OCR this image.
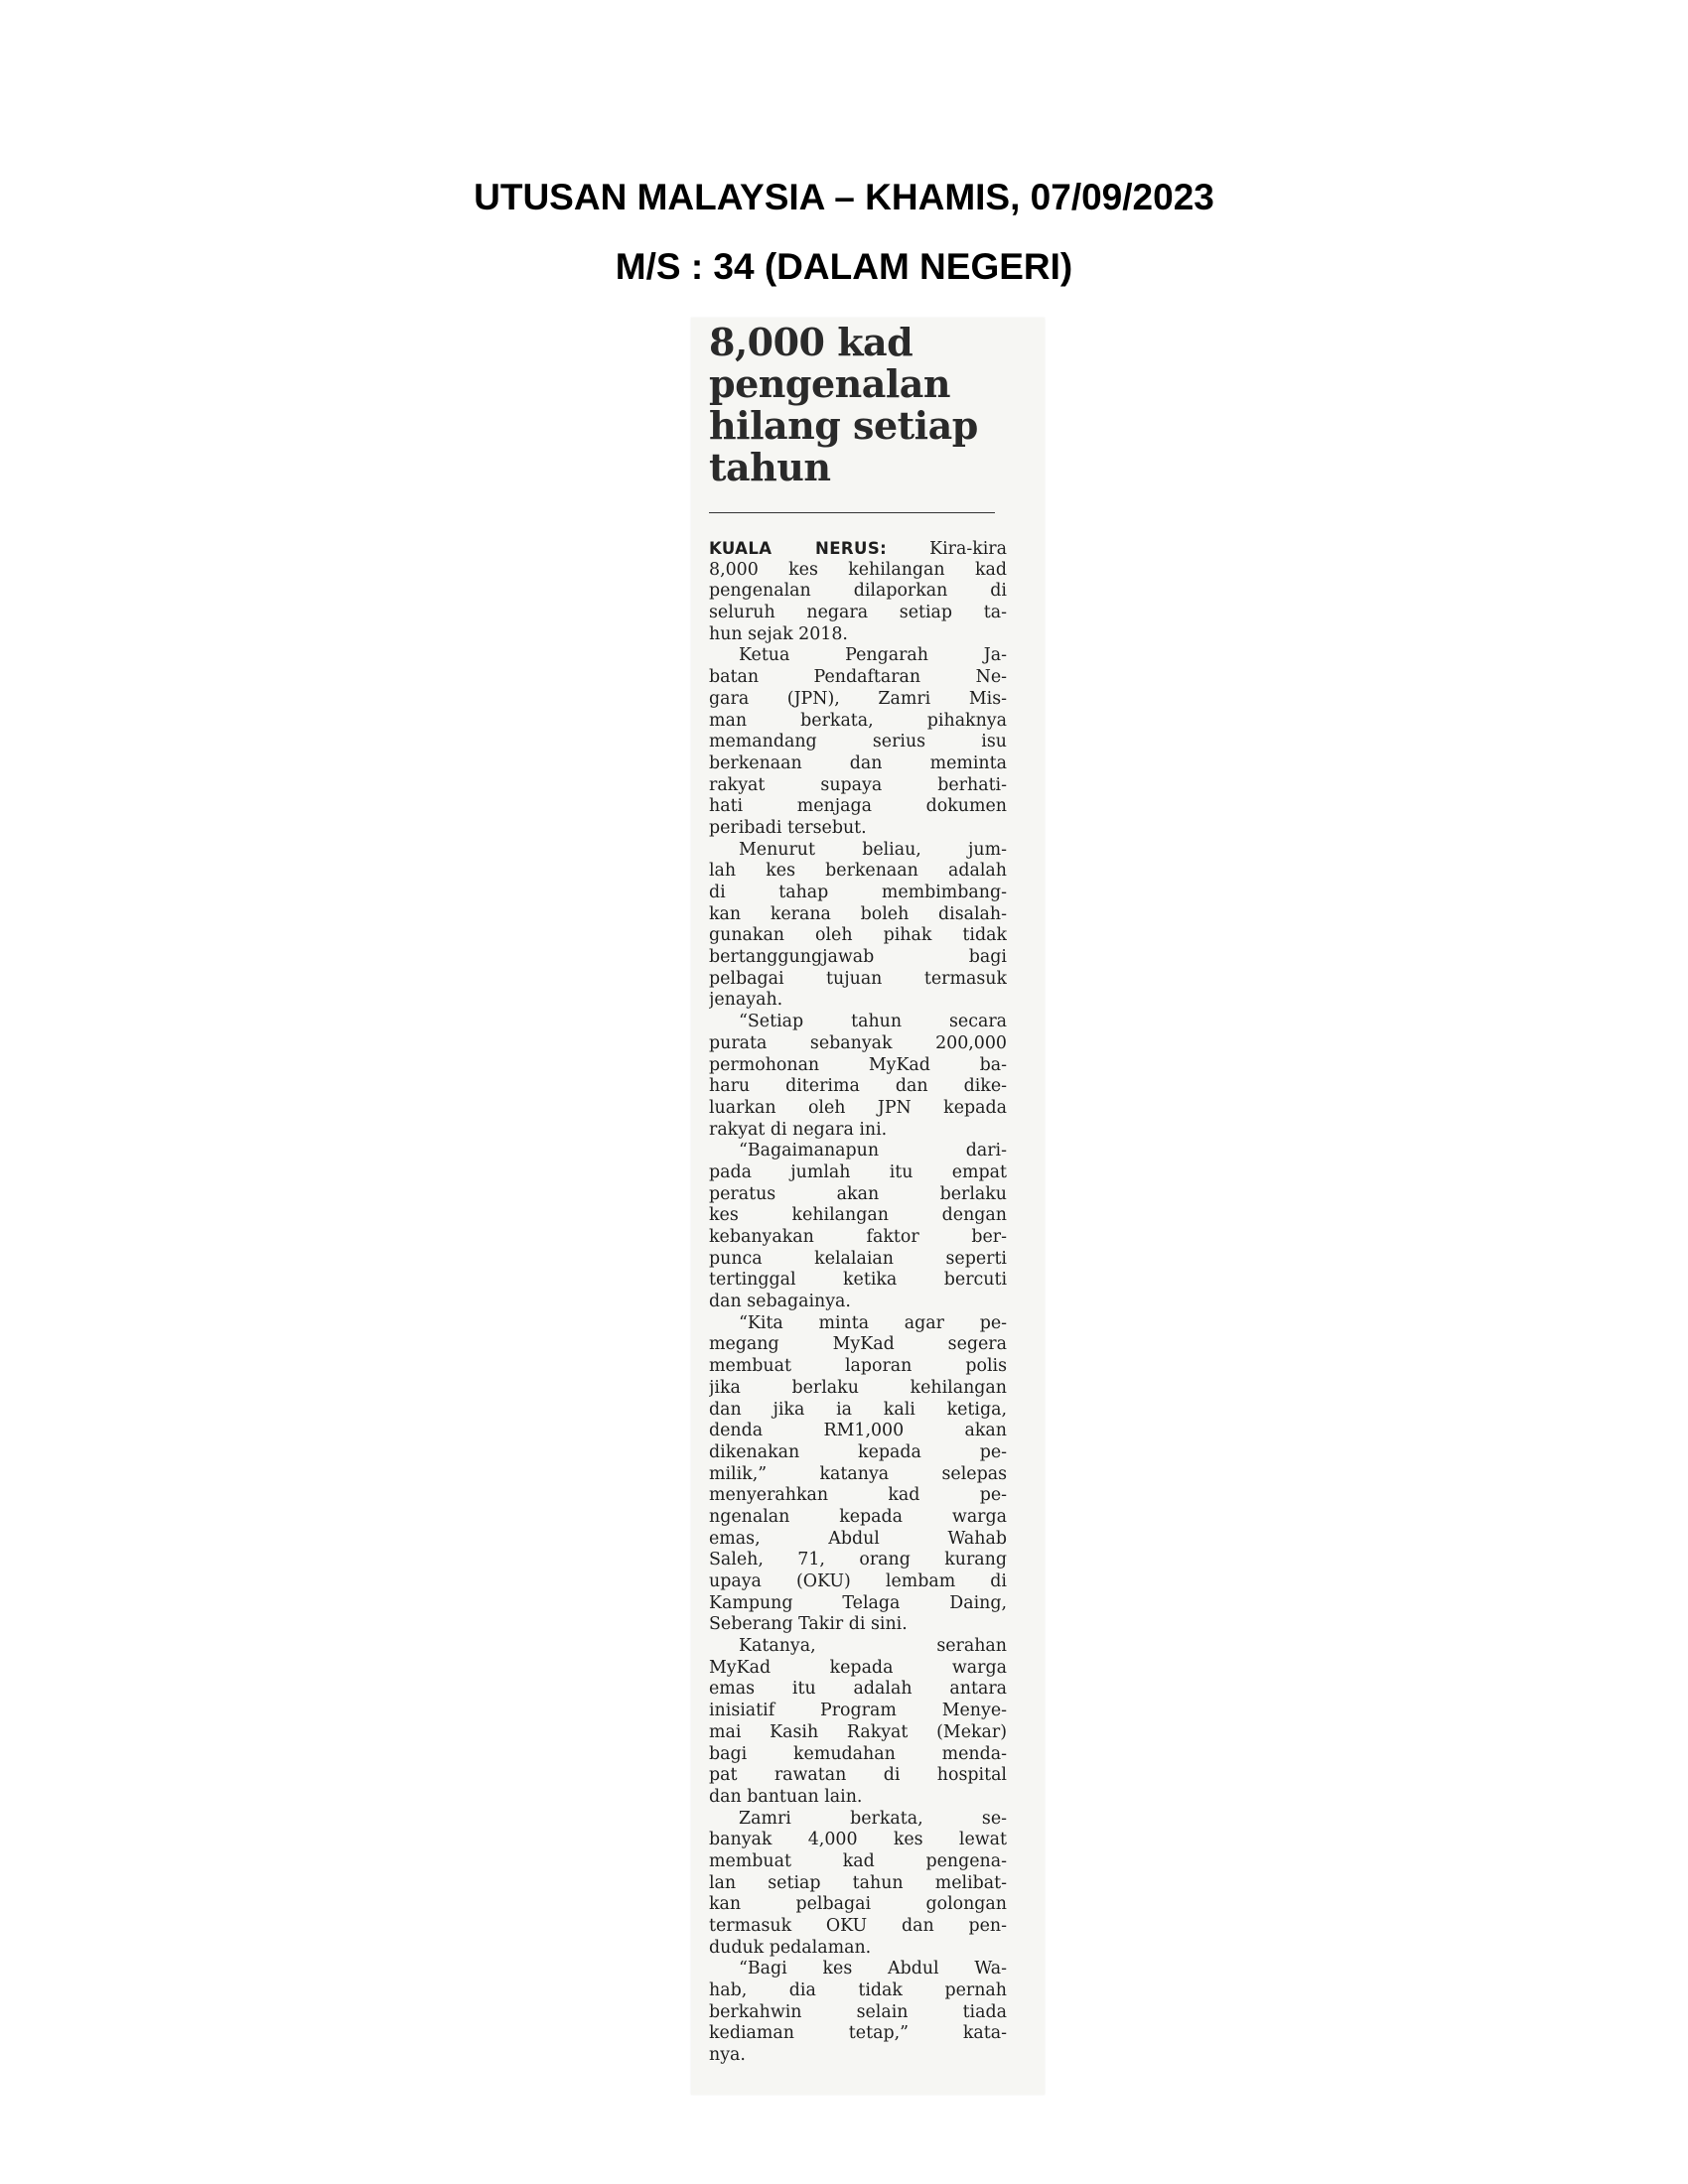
UTUSAN MALAYSIA – KHAMIS, 07/09/2023
M/S : 34 (DALAM NEGERI)
8,000 kad
pengenalan
hilang setiap
tahun
KUALA NERUS: Kira-kira
8,000 kes kehilangan kad
pengenalan dilaporkan di
seluruh negara setiap ta-
hun sejak 2018.
Ketua Pengarah Ja-
batan Pendaftaran Ne-
gara (JPN), Zamri Mis-
man berkata, pihaknya
memandang serius isu
berkenaan dan meminta
rakyat supaya berhati-
hati menjaga dokumen
peribadi tersebut.
Menurut beliau, jum-
lah kes berkenaan adalah
di tahap membimbang-
kan kerana boleh disalah-
gunakan oleh pihak tidak
bertanggungjawab bagi
pelbagai tujuan termasuk
jenayah.
“Setiap tahun secara
purata sebanyak 200,000
permohonan MyKad ba-
haru diterima dan dike-
luarkan oleh JPN kepada
rakyat di negara ini.
“Bagaimanapun dari-
pada jumlah itu empat
peratus akan berlaku
kes kehilangan dengan
kebanyakan faktor ber-
punca kelalaian seperti
tertinggal ketika bercuti
dan sebagainya.
“Kita minta agar pe-
megang MyKad segera
membuat laporan polis
jika berlaku kehilangan
dan jika ia kali ketiga,
denda RM1,000 akan
dikenakan kepada pe-
milik,” katanya selepas
menyerahkan kad pe-
ngenalan kepada warga
emas, Abdul Wahab
Saleh, 71, orang kurang
upaya (OKU) lembam di
Kampung Telaga Daing,
Seberang Takir di sini.
Katanya, serahan
MyKad kepada warga
emas itu adalah antara
inisiatif Program Menye-
mai Kasih Rakyat (Mekar)
bagi kemudahan menda-
pat rawatan di hospital
dan bantuan lain.
Zamri berkata, se-
banyak 4,000 kes lewat
membuat kad pengena-
lan setiap tahun melibat-
kan pelbagai golongan
termasuk OKU dan pen-
duduk pedalaman.
“Bagi kes Abdul Wa-
hab, dia tidak pernah
berkahwin selain tiada
kediaman tetap,” kata-
nya.
